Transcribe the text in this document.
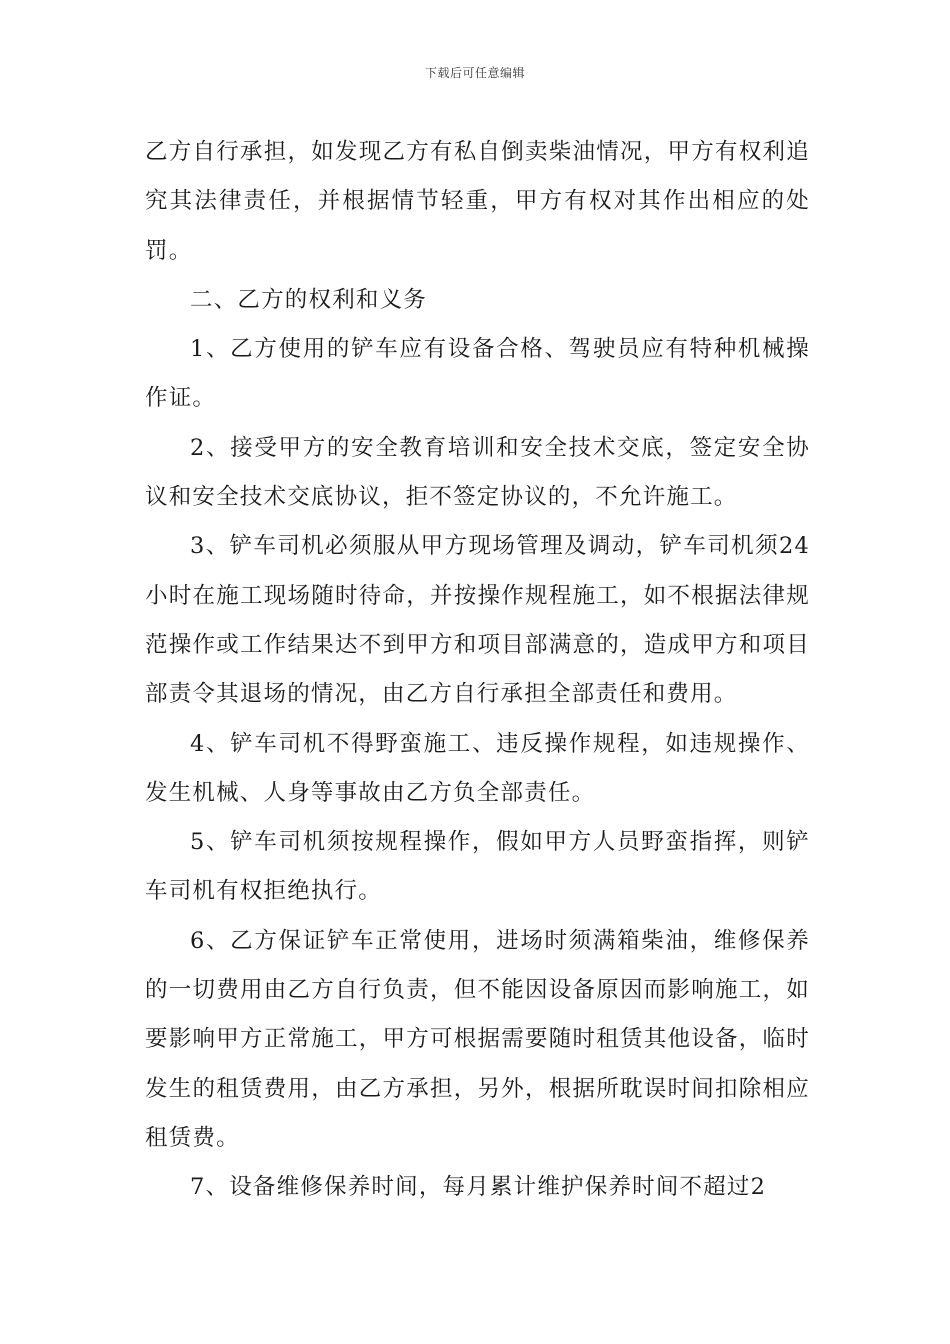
下载后可任意编辑

乙方自行承担，如发现乙方有私自倒卖柴油情况，甲方有权利追究其法律责任，并根据情节轻重，甲方有权对其作出相应的处罚。

二、乙方的权利和义务

1、乙方使用的铲车应有设备合格、驾驶员应有特种机械操作证。

2、接受甲方的安全教育培训和安全技术交底，签定安全协议和安全技术交底协议，拒不签定协议的，不允许施工。

3、铲车司机必须服从甲方现场管理及调动，铲车司机须24小时在施工现场随时待命，并按操作规程施工，如不根据法律规范操作或工作结果达不到甲方和项目部满意的，造成甲方和项目部责令其退场的情况，由乙方自行承担全部责任和费用。

4、铲车司机不得野蛮施工、违反操作规程，如违规操作、发生机械、人身等事故由乙方负全部责任。

5、铲车司机须按规程操作，假如甲方人员野蛮指挥，则铲车司机有权拒绝执行。

6、乙方保证铲车正常使用，进场时须满箱柴油，维修保养的一切费用由乙方自行负责，但不能因设备原因而影响施工，如要影响甲方正常施工，甲方可根据需要随时租赁其他设备，临时发生的租赁费用，由乙方承担，另外，根据所耽误时间扣除相应租赁费。

7、设备维修保养时间，每月累计维护保养时间不超过2
